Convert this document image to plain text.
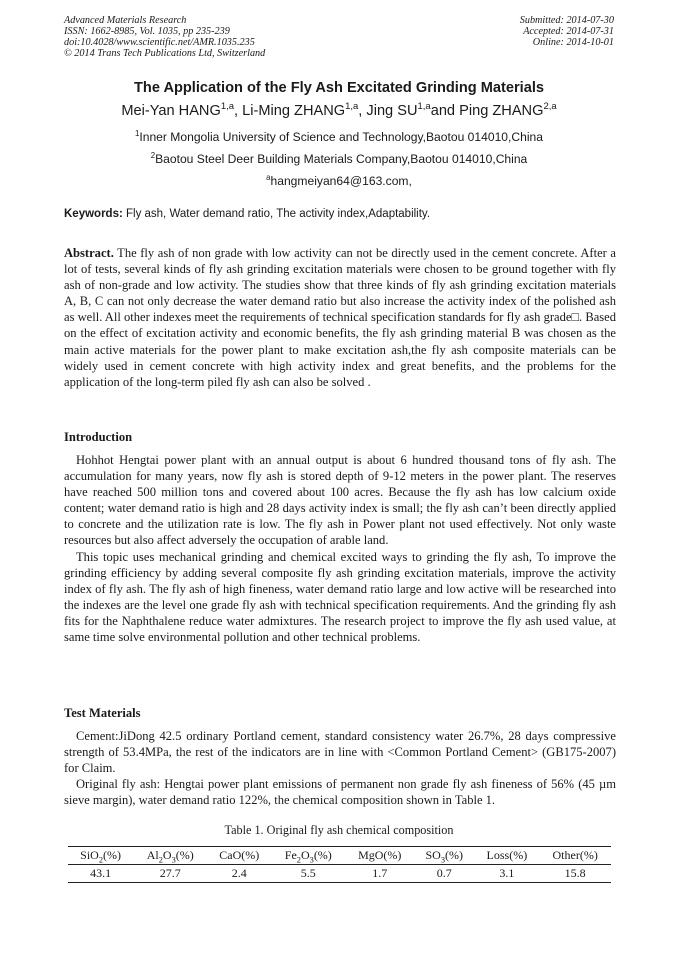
Advanced Materials Research
ISSN: 1662-8985, Vol. 1035, pp 235-239
doi:10.4028/www.scientific.net/AMR.1035.235
© 2014 Trans Tech Publications Ltd, Switzerland
Submitted: 2014-07-30
Accepted: 2014-07-31
Online: 2014-10-01
The Application of the Fly Ash Excitated Grinding Materials
Mei-Yan HANG$^{1,a}$, Li-Ming ZHANG$^{1,a}$, Jing SU$^{1,a}$and Ping ZHANG$^{2,a}$
$^1$Inner Mongolia University of Science and Technology,Baotou 014010,China
$^2$Baotou Steel Deer Building Materials Company,Baotou 014010,China
$^a$hangmeiyan64@163.com,
Keywords: Fly ash, Water demand ratio, The activity index,Adaptability.

Abstract. The fly ash of non grade with low activity can not be directly used in the cement concrete. After a lot of tests, several kinds of fly ash grinding excitation materials were chosen to be ground together with fly ash of non-grade and low activity. The studies show that three kinds of fly ash grinding excitation materials A, B, C can not only decrease the water demand ratio but also increase the activity index of the polished ash as well. All other indexes meet the requirements of technical specification standards for fly ash grade□. Based on the effect of excitation activity and economic benefits, the fly ash grinding material B was chosen as the main active materials for the power plant to make excitation ash,the fly ash composite materials can be widely used in cement concrete with high activity index and great benefits, and the problems for the application of the long-term piled fly ash can also be solved .

Introduction

Hohhot Hengtai power plant with an annual output is about 6 hundred thousand tons of fly ash. The accumulation for many years, now fly ash is stored depth of 9-12 meters in the power plant. The reserves have reached 500 million tons and covered about 100 acres. Because the fly ash has low calcium oxide content; water demand ratio is high and 28 days activity index is small; the fly ash can’t been directly applied to concrete and the utilization rate is low. The fly ash in Power plant not used effectively. Not only waste resources but also affect adversely the occupation of arable land.

This topic uses mechanical grinding and chemical excited ways to grinding the fly ash, To improve the grinding efficiency by adding several composite fly ash grinding excitation materials, improve the activity index of fly ash. The fly ash of high fineness, water demand ratio large and low active will be researched into the indexes are the level one grade fly ash with technical specification requirements. And the grinding fly ash fits for the Naphthalene reduce water admixtures. The research project to improve the fly ash used value, at same time solve environmental pollution and other technical problems.

Test Materials

Cement:JiDong 42.5 ordinary Portland cement, standard consistency water 26.7%, 28 days compressive strength of 53.4MPa, the rest of the indicators are in line with <Common Portland Cement> (GB175-2007) for Claim.

Original fly ash: Hengtai power plant emissions of permanent non grade fly ash fineness of 56% (45 µm sieve margin), water demand ratio 122%, the chemical composition shown in Table 1.

Table 1. Original fly ash chemical composition
SiO$_2$(%)	$Al_2O_3(\%)$	CaO(%)	$Fe_2O_3(\%)$	MgO(%)	$SO_3(\%)$	Loss(%)	Other(%)
43.1	27.7	2.4	5.5	1.7	0.7	3.1	15.8
